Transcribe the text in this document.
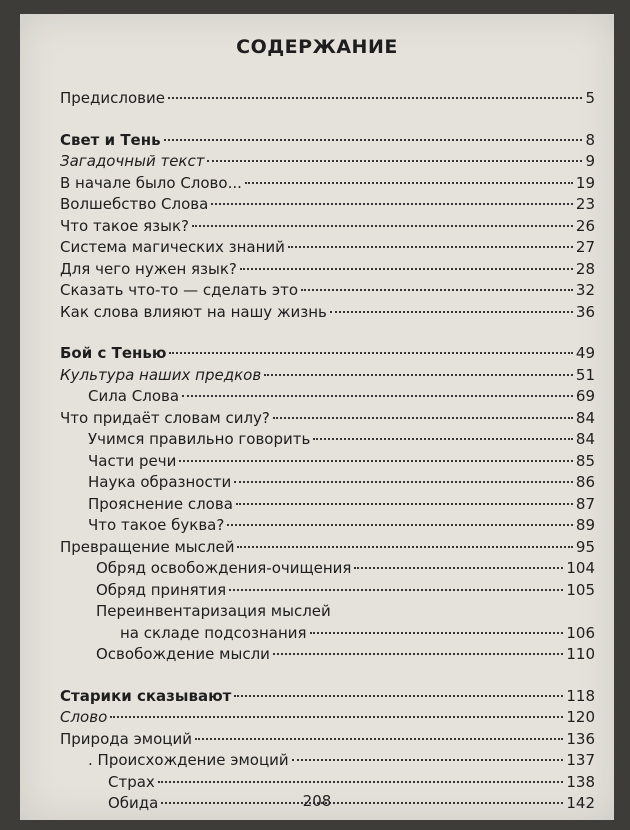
СОДЕРЖАНИЕ
Предисловие	5
Свет и Тень	8
Загадочный текст	9
В начале было Слово...	19
Волшебство Слова	23
Что такое язык?	26
Система магических знаний	27
Для чего нужен язык?	28
Сказать что-то — сделать это	32
Как слова влияют на нашу жизнь	36
Бой с Тенью	49
Культура наших предков	51
Сила Слова	69
Что придаёт словам силу?	84
Учимся правильно говорить	84
Части речи	85
Наука образности	86
Прояснение слова	87
Что такое буква?	89
Превращение мыслей	95
Обряд освобождения-очищения	104
Обряд принятия	105
Переинвентаризация мыслей
на складе подсознания	106
Освобождение мысли	110
Старики сказывают	118
Слово	120
Природа эмоций	136
. Происхождение эмоций	137
Страх	138
Обида	142
208
